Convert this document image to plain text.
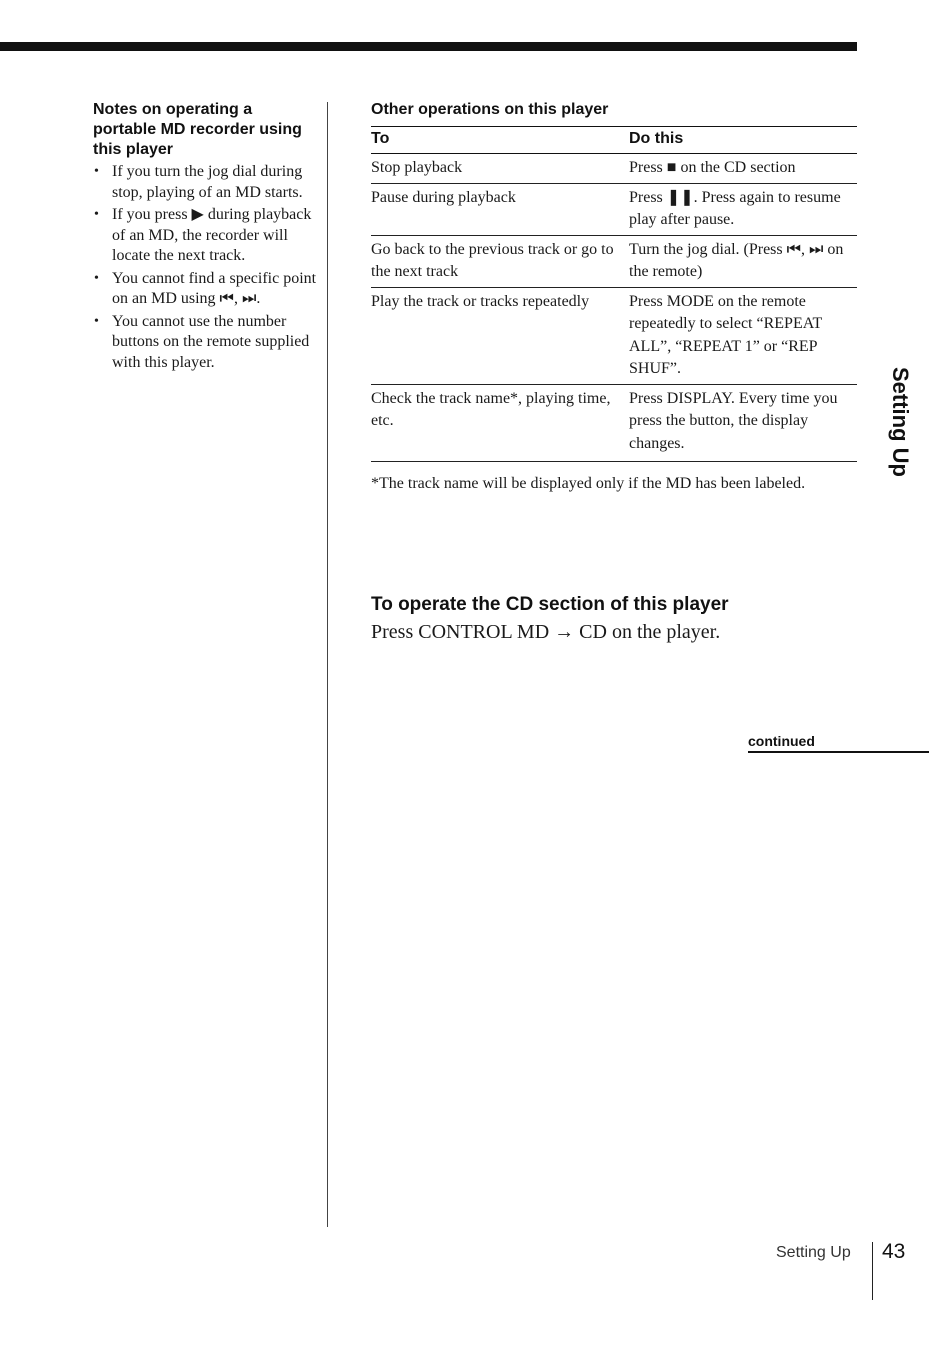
Notes on operating a portable MD recorder using this player
• If you turn the jog dial during stop, playing of an MD starts.
• If you press ▶ during playback of an MD, the recorder will locate the next track.
• You cannot find a specific point on an MD using ⏮, ⏭.
• You cannot use the number buttons on the remote supplied with this player.
Other operations on this player
To	Do this
Stop playback	Press ■ on the CD section
Pause during playback	Press ❚❚. Press again to resume play after pause.
Go back to the previous track or go to the next track	Turn the jog dial. (Press ⏮, ⏭ on the remote)
Play the track or tracks repeatedly	Press MODE on the remote repeatedly to select “REPEAT ALL”, “REPEAT 1” or “REP SHUF”.
Check the track name*, playing time, etc.	Press DISPLAY. Every time you press the button, the display changes.
*The track name will be displayed only if the MD has been labeled.
To operate the CD section of this player

Press CONTROL MD → CD on the player.

continued
Setting Up
Setting Up 43
